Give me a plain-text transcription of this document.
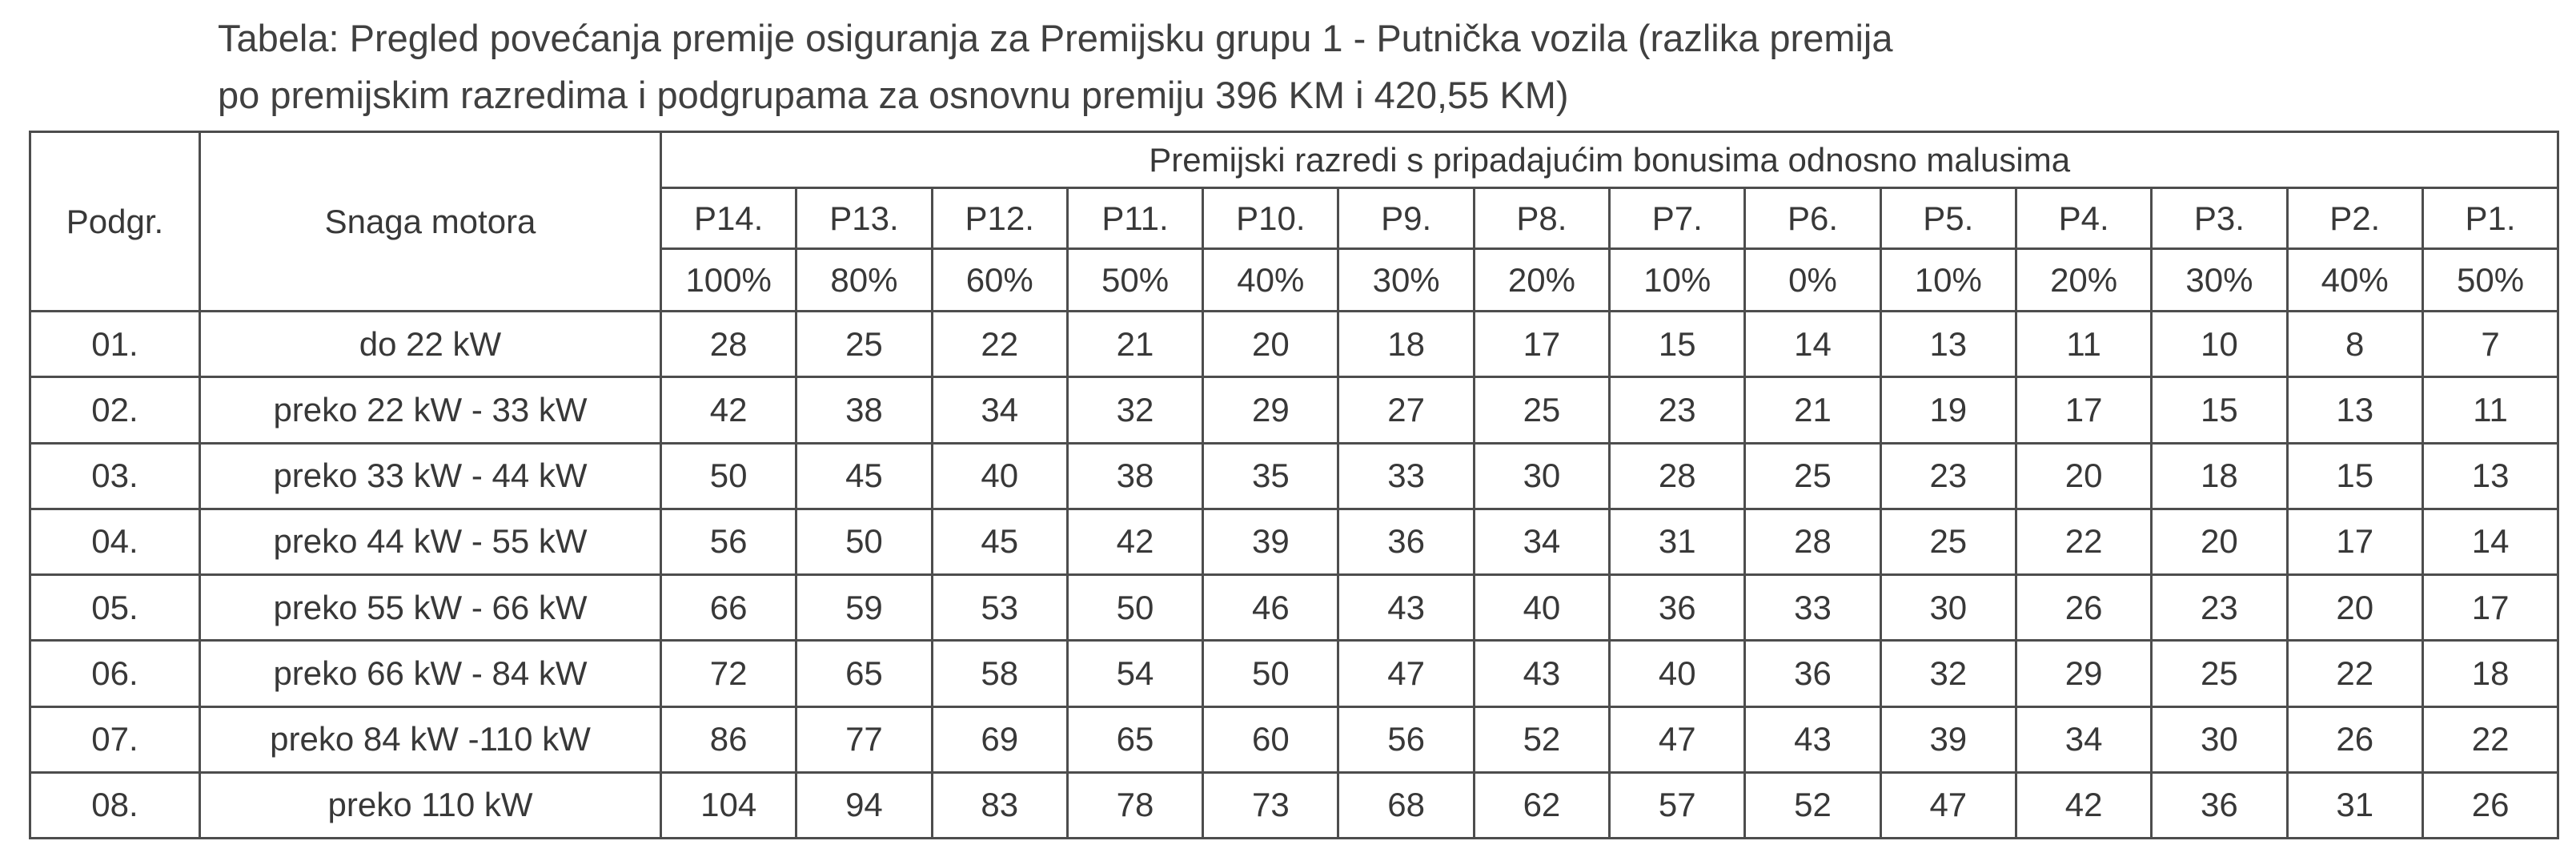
Tabela: Pregled povećanja premije osiguranja za Premijsku grupu 1 - Putnička vozila (razlika premija
po premijskim razredima i podgrupama za osnovnu premiju 396 KM i 420,55 KM)
Podgr.	Snaga motora	Premijski razredi s pripadajućim bonusima odnosno malusima													
		P14.	P13.	P12.	P11.	P10.	P9.	P8.	P7.	P6.	P5.	P4.	P3.	P2.	P1.
		100%	80%	60%	50%	40%	30%	20%	10%	0%	10%	20%	30%	40%	50%
01.	do 22 kW	28	25	22	21	20	18	17	15	14	13	11	10	8	7
02.	preko 22 kW - 33 kW	42	38	34	32	29	27	25	23	21	19	17	15	13	11
03.	preko 33 kW - 44 kW	50	45	40	38	35	33	30	28	25	23	20	18	15	13
04.	preko 44 kW - 55 kW	56	50	45	42	39	36	34	31	28	25	22	20	17	14
05.	preko 55 kW - 66 kW	66	59	53	50	46	43	40	36	33	30	26	23	20	17
06.	preko 66 kW - 84 kW	72	65	58	54	50	47	43	40	36	32	29	25	22	18
07.	preko 84 kW -110 kW	86	77	69	65	60	56	52	47	43	39	34	30	26	22
08.	preko 110 kW	104	94	83	78	73	68	62	57	52	47	42	36	31	26
